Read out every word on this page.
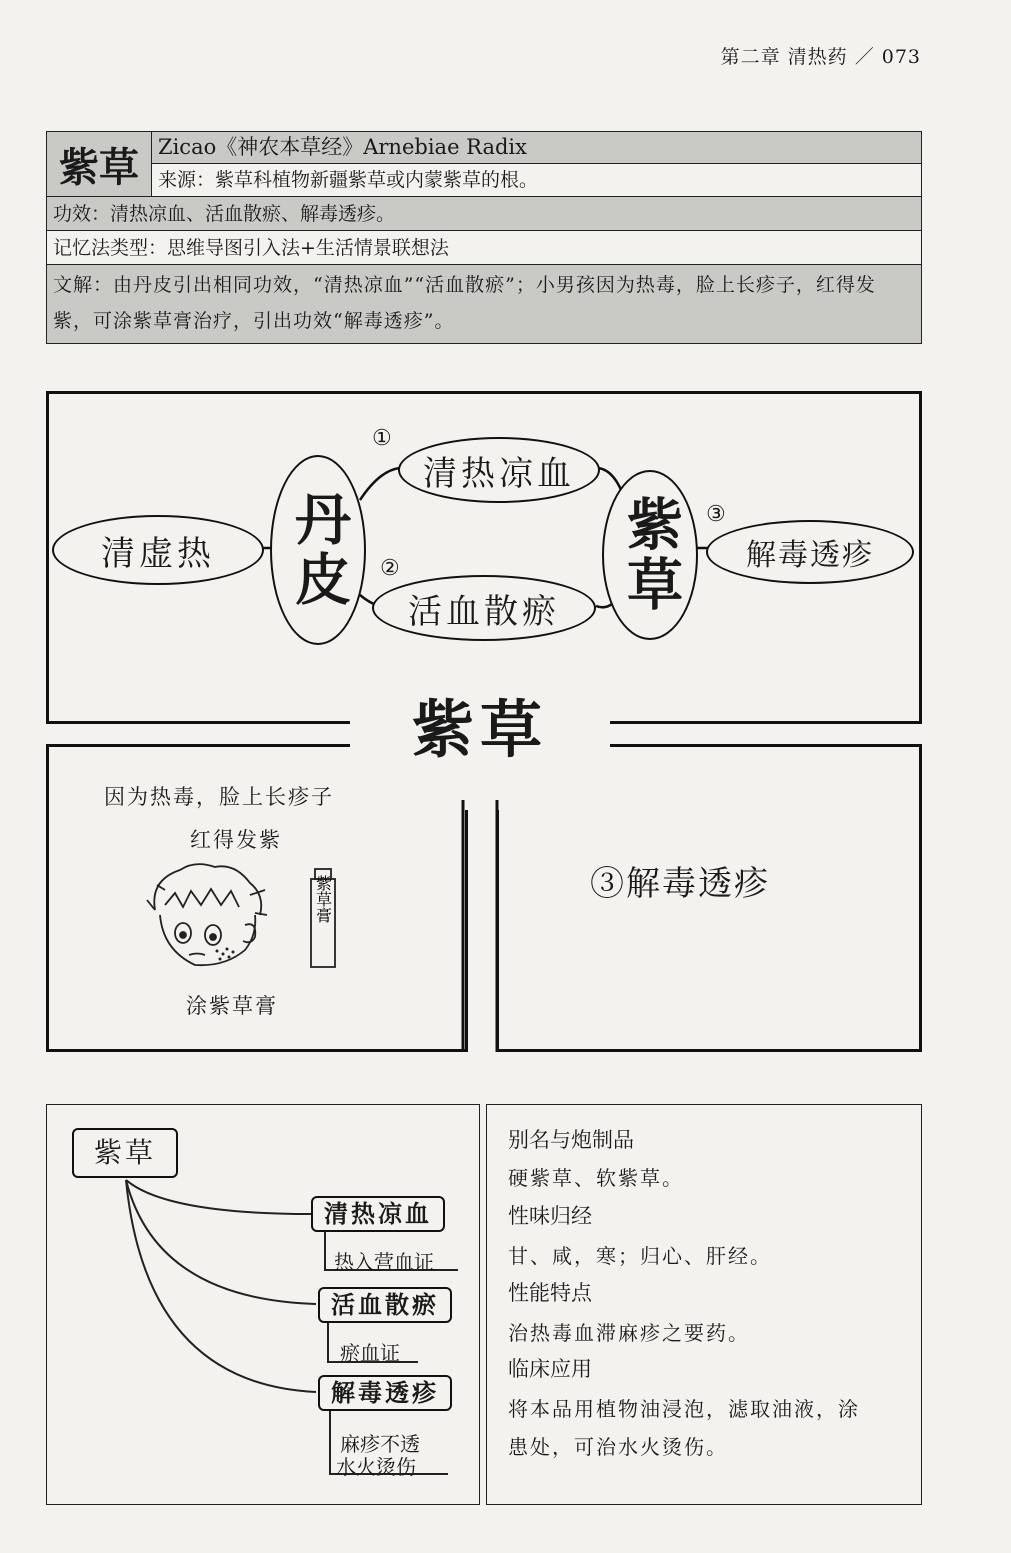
第二章 清热药 ／ 073
紫草 Zicao《神农本草经》Arnebiae Radix
来源：紫草科植物新疆紫草或内蒙紫草的根。
功效：清热凉血、活血散瘀、解毒透疹。
记忆法类型：思维导图引入法+生活情景联想法
文解：由丹皮引出相同功效，“清热凉血”“活血散瘀”；小男孩因为热毒，脸上长疹子，红得发紫，可涂紫草膏治疗，引出功效“解毒透疹”。
清虚热 丹皮
清热凉血
活血散瘀 紫草 解毒透疹
①
②
③
紫草
因为热毒，脸上长疹子
红得发紫
涂紫草膏
紫草膏	③解毒透疹
紫草
清热凉血
热入营血证
活血散瘀
瘀血证
解毒透疹
麻疹不透
水火烫伤
别名与炮制品
硬紫草、软紫草。
性味归经
甘、咸，寒；归心、肝经。
性能特点
治热毒血滞麻疹之要药。
临床应用
将本品用植物油浸泡，滤取油液，涂
患处，可治水火烫伤。
